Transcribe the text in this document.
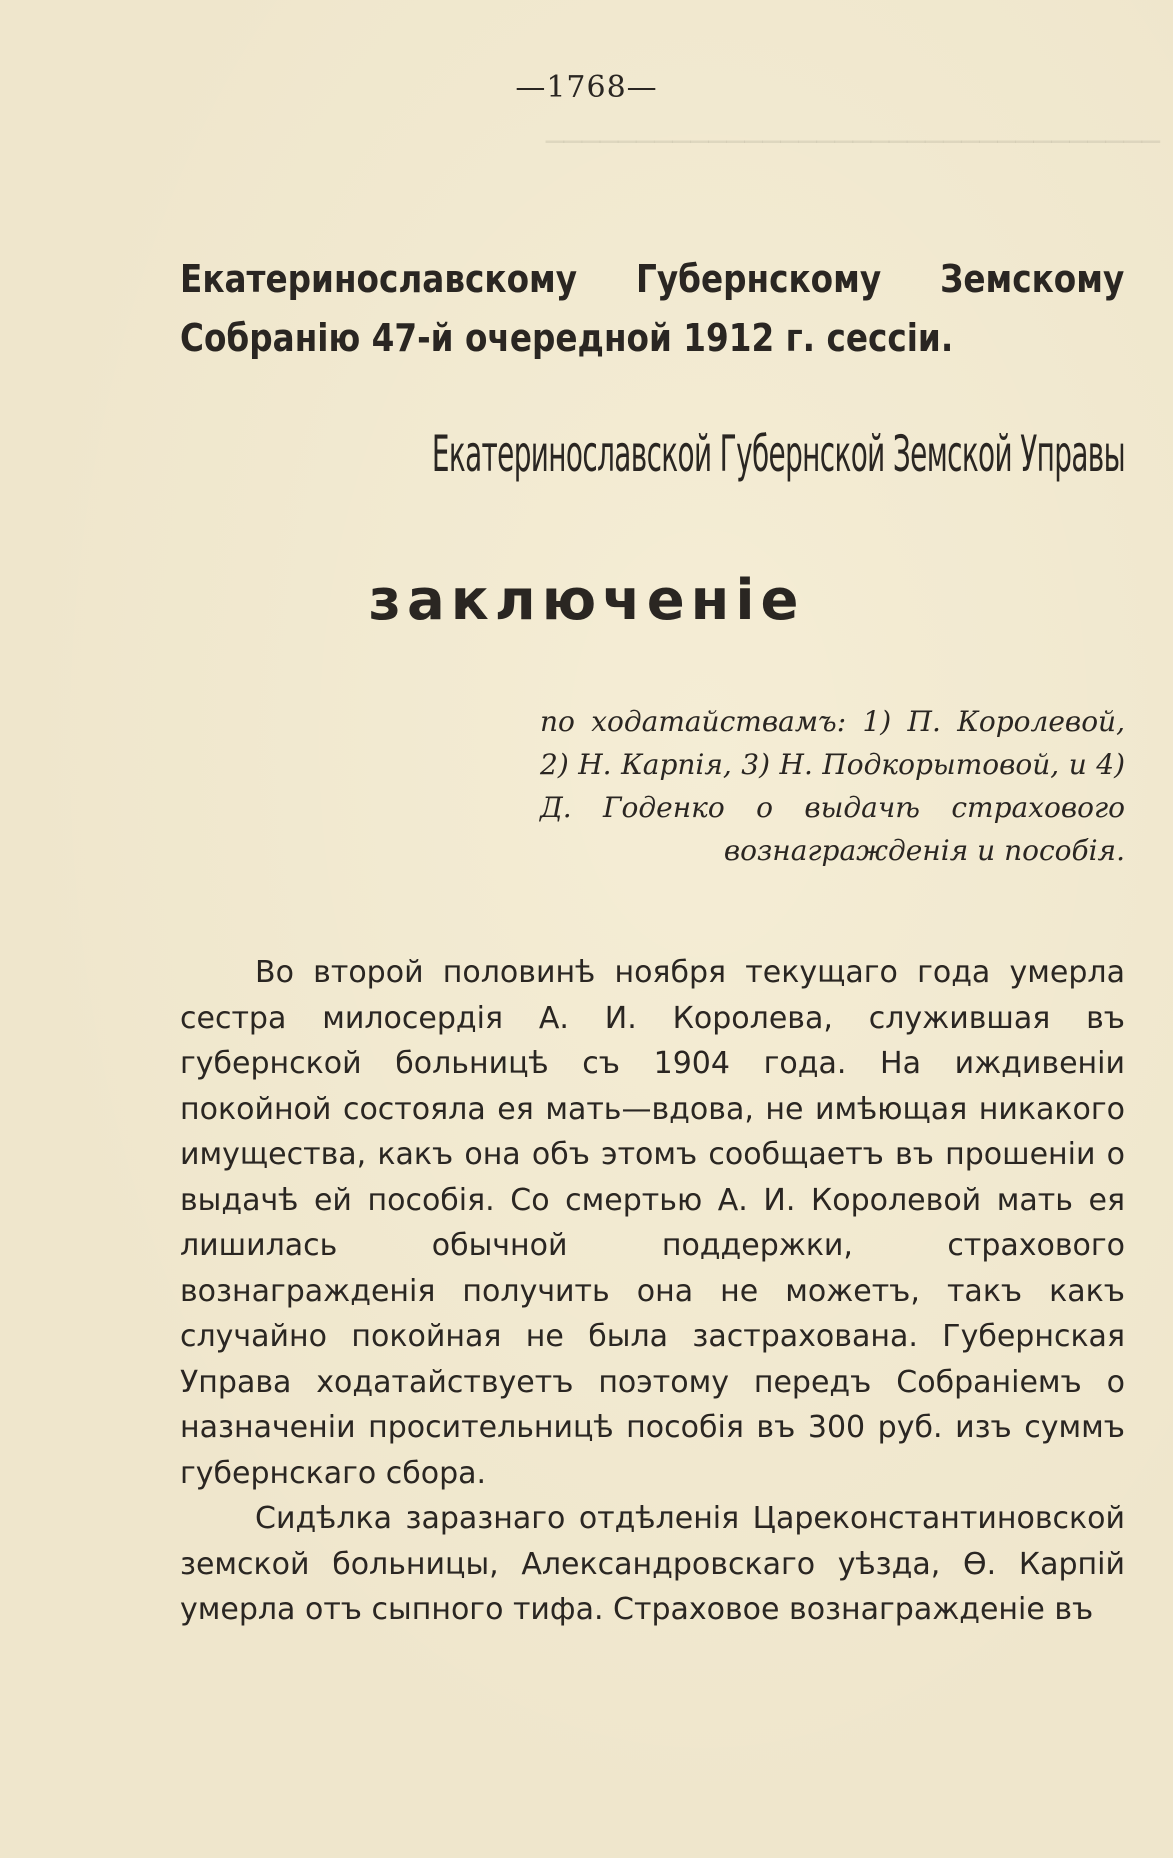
──────────────────────────────────
—1768—
Екатеринославскому Губернскому Земскому Собранію 47-й очередной 1912 г. сессіи.
Екатеринославской Губернской Земской Управы
заключеніе
по ходатайствамъ: 1) П. Королевой, 2) Н. Карпія, 3) Н. Подкорытовой, и 4) Д. Годенко о выдачѣ страхового вознагражденія и пособія.

Во второй половинѣ ноября текущаго года умерла сестра милосердія А. И. Королева, служившая въ губернской больницѣ съ 1904 года. На иждивеніи покойной состояла ея мать—вдова, не имѣющая никакого имущества, какъ она объ этомъ сообщаетъ въ прошеніи о выдачѣ ей пособія. Со смертью А. И. Королевой мать ея лишилась обычной поддержки, страхового вознагражденія получить она не можетъ, такъ какъ случайно покойная не была застрахована. Губернская Управа ходатайствуетъ поэтому передъ Собраніемъ о назначеніи просительницѣ пособія въ 300 руб. изъ суммъ губернскаго сбора.

Сидѣлка заразнаго отдѣленія Цареконстантиновской земской больницы, Александровскаго уѣзда, Ѳ. Карпій умерла отъ сыпного тифа. Страховое вознагражденіе въ
